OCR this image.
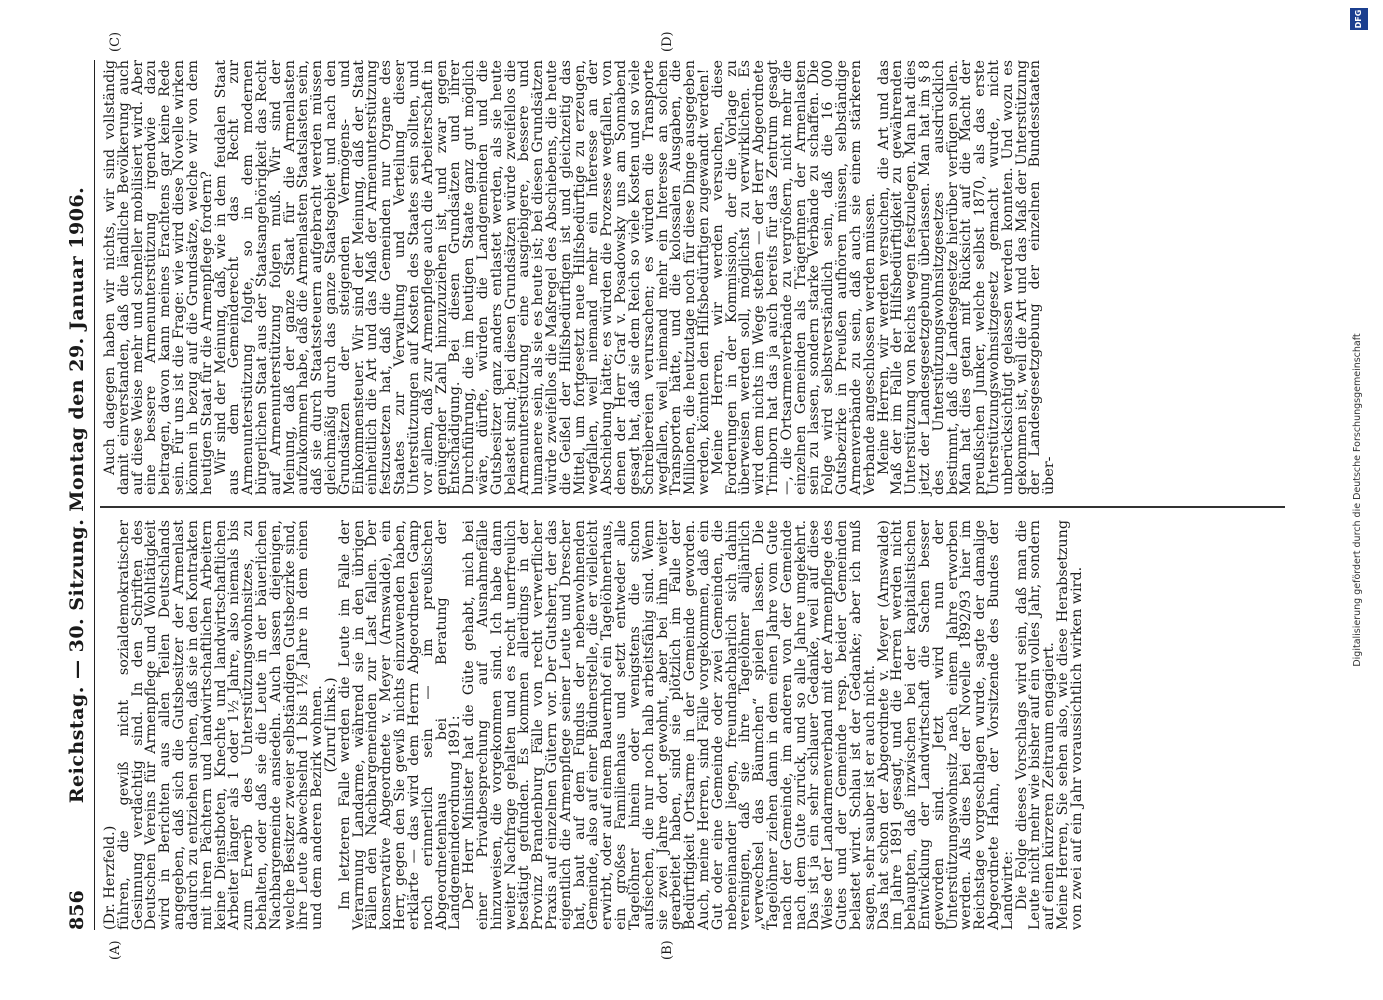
856
Reichstag. — 30. Sitzung. Montag den 29. Januar 1906.
(A)	(B)
(C)	(D)

(Dr. Herzfeld.)

führen, die gewiß nicht sozialdemokratischer Gesinnung verdächtig sind. In den Schriften des Deutschen Vereins für Armenpflege und Wohltätigkeit wird in Berichten aus allen Teilen Deutschlands angegeben, daß sich die Gutsbesitzer der Armenlast dadurch zu entziehen suchen, daß sie in den Kontrakten mit ihren Pächtern und landwirtschaftlichen Arbeitern keine Dienstboten, Knechte und landwirtschaftlichen Arbeiter länger als 1 oder 1½ Jahre, also niemals bis zum Erwerb des Unterstützungswohnsitzes, zu behalten, oder daß sie die Leute in der bäuerlichen Nachbargemeinde ansiedeln. Auch lassen diejenigen, welche Besitzer zweier selbständigen Gutsbezirke sind, ihre Leute abwechselnd 1 bis 1½ Jahre in dem einen und dem anderen Bezirk wohnen.

(Zuruf links.)

Im letzteren Falle werden die Leute im Falle der Verarmung Landarme, während sie in den übrigen Fällen den Nachbargemeinden zur Last fallen. Der konservative Abgeordnete v. Meyer (Arnswalde), ein Herr, gegen den Sie gewiß nichts einzuwenden haben, erklärte — das wird dem Herrn Abgeordneten Gamp noch erinnerlich sein — im preußischen Abgeordnetenhaus bei Beratung der Landgemeindeordnung 1891:

Der Herr Minister hat die Güte gehabt, mich bei einer Privatbesprechung auf Ausnahmefälle hinzuweisen, die vorgekommen sind. Ich habe dann weiter Nachfrage gehalten und es recht unerfreulich bestätigt gefunden. Es kommen allerdings in der Provinz Brandenburg Fälle von recht verwerflicher Praxis auf einzelnen Gütern vor. Der Gutsherr, der das eigentlich die Armenpflege seiner Leute und Drescher hat, baut auf dem Fundus der nebenwohnenden Gemeinde, also auf einer Büdnerstelle, die er vielleicht erwirbt, oder auf einem Bauernhof ein Tagelöhnerhaus, ein großes Familienhaus und setzt entweder alle Tagelöhner hinein oder wenigstens die schon aufsiechen, die nur noch halb arbeitsfähig sind. Wenn sie zwei Jahre dort gewohnt, aber bei ihm weiter gearbeitet haben, sind sie plötzlich im Falle der Bedürftigkeit Ortsarme in der Gemeinde geworden. Auch, meine Herren, sind Fälle vorgekommen, daß ein Gut oder eine Gemeinde oder zwei Gemeinden, die nebeneinander liegen, freundnachbarlich sich dahin vereinigen, daß sie ihre Tagelöhner alljährlich „verwechsel das Bäumchen“ spielen lassen. Die Tagelöhner ziehen dann in dem einen Jahre vom Gute nach der Gemeinde, im anderen von der Gemeinde nach dem Gute zurück, und so alle Jahre umgekehrt. Das ist ja ein sehr schlauer Gedanke, weil auf diese Weise der Landarmenverband mit der Armenpflege des Gutes und der Gemeinde resp. beider Gemeinden belastet wird. Schlau ist der Gedanke; aber ich muß sagen, sehr sauber ist er auch nicht.

Das hat schon der Abgeordnete v. Meyer (Arnswalde) im Jahre 1891 gesagt, und die Herren werden nicht behaupten, daß inzwischen bei der kapitalistischen Entwicklung der Landwirtschaft die Sachen besser geworden sind. Jetzt wird nun der Unterstützungswohnsitz nach einem Jahre erworben werden. Als dies bei der Novelle 1892/93 hier im Reichstage vorgeschlagen wurde, sagte der damalige Abgeordnete Hahn, der Vorsitzende des Bundes der Landwirte:

Die Folge dieses Vorschlags wird sein, daß man die Leute nicht mehr wie bisher auf ein volles Jahr, sondern auf einen kürzeren Zeitraum engagiert.

Meine Herren, Sie sehen also, wie diese Herabsetzung von zwei auf ein Jahr voraussichtlich wirken wird.

Auch dagegen haben wir nichts, wir sind vollständig damit einverstanden, daß die ländliche Bevölkerung auch auf diese Weise mehr und schneller mobilisiert wird. Aber eine bessere Armenunterstützung irgendwie dazu beitragen, davon kann meines Erachtens gar keine Rede sein. Für uns ist die Frage: wie wird diese Novelle wirken können in bezug auf die Grundsätze, welche wir von dem heutigen Staat für die Armenpflege fordern?

Wir sind der Meinung, daß, wie in dem feudalen Staat aus dem Gemeinderecht das Recht zur Armenunterstützung folgte, so in dem modernen bürgerlichen Staat aus der Staatsangehörigkeit das Recht auf Armenunterstützung folgen muß. Wir sind der Meinung, daß der ganze Staat für die Armenlasten aufzukommen habe, daß die Armenlasten Staatslasten sein, daß sie durch Staatssteuern aufgebracht werden müssen gleichmäßig durch das ganze Staatsgebiet und nach den Grundsätzen der steigenden Vermögens- und Einkommensteuer. Wir sind der Meinung, daß der Staat einheitlich die Art und das Maß der Armenunterstützung festzusetzen hat, daß die Gemeinden nur Organe des Staates zur Verwaltung und Verteilung dieser Unterstützungen auf Kosten des Staates sein sollten, und vor allem, daß zur Armenpflege auch die Arbeiterschaft in genügender Zahl hinzuzuziehen ist, und zwar gegen Entschädigung. Bei diesen Grundsätzen und ihrer Durchführung, die im heutigen Staate ganz gut möglich wäre, dürfte, würden die Landgemeinden und die Gutsbesitzer ganz anders entlastet werden, als sie heute belastet sind; bei diesen Grundsätzen würde zweifellos die Armenunterstützung eine ausgiebigere, bessere und humanere sein, als sie es heute ist; bei diesen Grundsätzen würde zweifellos die Maßregel des Abschiebens, die heute die Geißel der Hilfsbedürftigen ist und gleichzeitig das Mittel, um fortgesetzt neue Hilfsbedürftige zu erzeugen, wegfallen, weil niemand mehr ein Interesse an der Abschiebung hätte; es würden die Prozesse wegfallen, von denen der Herr Graf v. Posadowsky uns am Sonnabend gesagt hat, daß sie dem Reich so viele Kosten und so viele Schreibereien verursachen; es würden die Transporte wegfallen, weil niemand mehr ein Interesse an solchen Transporten hätte, und die kolossalen Ausgaben, die Millionen, die heutzutage noch für diese Dinge ausgegeben werden, könnten den Hilfsbedürftigen zugewandt werden!

Meine Herren, wir werden versuchen, diese Forderungen in der Kommission, der die Vorlage zu überweisen werden soll, möglichst zu verwirklichen. Es wird dem nichts im Wege stehen — der Herr Abgeordnete Trimborn hat das ja auch bereits für das Zentrum gesagt —, die Ortsarmenverbände zu vergrößern, nicht mehr die einzelnen Gemeinden als Trägerinnen der Armenlasten sein zu lassen, sondern starke Verbände zu schaffen. Die Folge wird selbstverständlich sein, daß die 16 000 Gutsbezirke in Preußen aufhören müssen, selbständige Armenverbände zu sein, daß auch sie einem stärkeren Verbande angeschlossen werden müssen.

Meine Herren, wir werden versuchen, die Art und das Maß der im Falle der Hilfsbedürftigkeit zu gewährenden Unterstützung von Reichs wegen festzulegen. Man hat dies jetzt der Landesgesetzgebung überlassen. Man hat im § 8 des Unterstützungswohnsitzgesetzes ausdrücklich bestimmt, daß die Landesgesetze hierüber verfügen sollen. Man hat dies getan mit Rücksicht auf die Macht der preußischen Junker, welche selbst 1870, als das erste Unterstützungswohnsitzgesetz gemacht wurde, nicht unberücksichtigt gelassen werden konnten. Und wozu es gekommen ist, weil die Art und das Maß der Unterstützung der Landesgesetzgebung der einzelnen Bundesstaaten über-	Digitalisierung gefördert durch die Deutsche Forschungsgemeinschaft
DFG
